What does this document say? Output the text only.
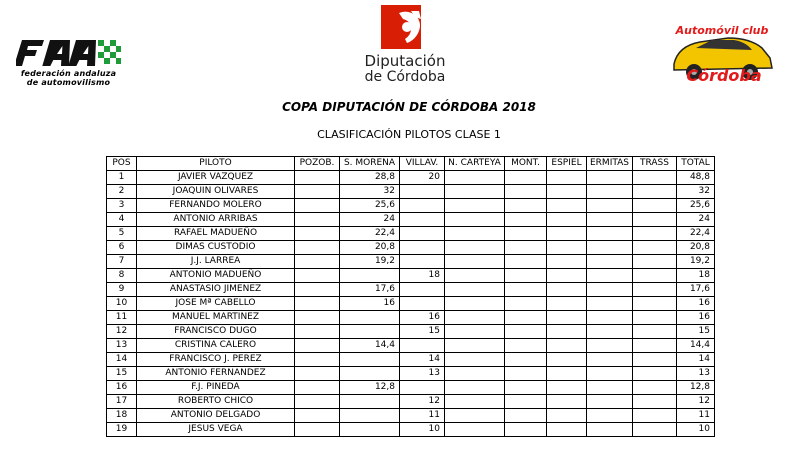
federación andaluza
de automovilismo
Diputación
de Córdoba
Automóvil club
Córdoba
COPA DIPUTACIÓN DE CÓRDOBA 2018
CLASIFICACIÓN PILOTOS CLASE 1
POS	PILOTO	POZOB.	S. MORENA	VILLAV.	N. CARTEYA	MONT.	ESPIEL	ERMITAS	TRASS	TOTAL
1	JAVIER VAZQUEZ		28,8	20						48,8
2	JOAQUIN OLIVARES		32							32
3	FERNANDO MOLERO		25,6							25,6
4	ANTONIO ARRIBAS		24							24
5	RAFAEL MADUEÑO		22,4							22,4
6	DIMAS CUSTODIO		20,8							20,8
7	J.J. LARREA		19,2							19,2
8	ANTONIO MADUEÑO			18						18
9	ANASTASIO JIMENEZ		17,6							17,6
10	JOSE Mª CABELLO		16							16
11	MANUEL MARTINEZ			16						16
12	FRANCISCO DUGO			15						15
13	CRISTINA CALERO		14,4							14,4
14	FRANCISCO J. PEREZ			14						14
15	ANTONIO FERNANDEZ			13						13
16	F.J. PINEDA		12,8							12,8
17	ROBERTO CHICO			12						12
18	ANTONIO DELGADO			11						11
19	JESUS VEGA			10						10
